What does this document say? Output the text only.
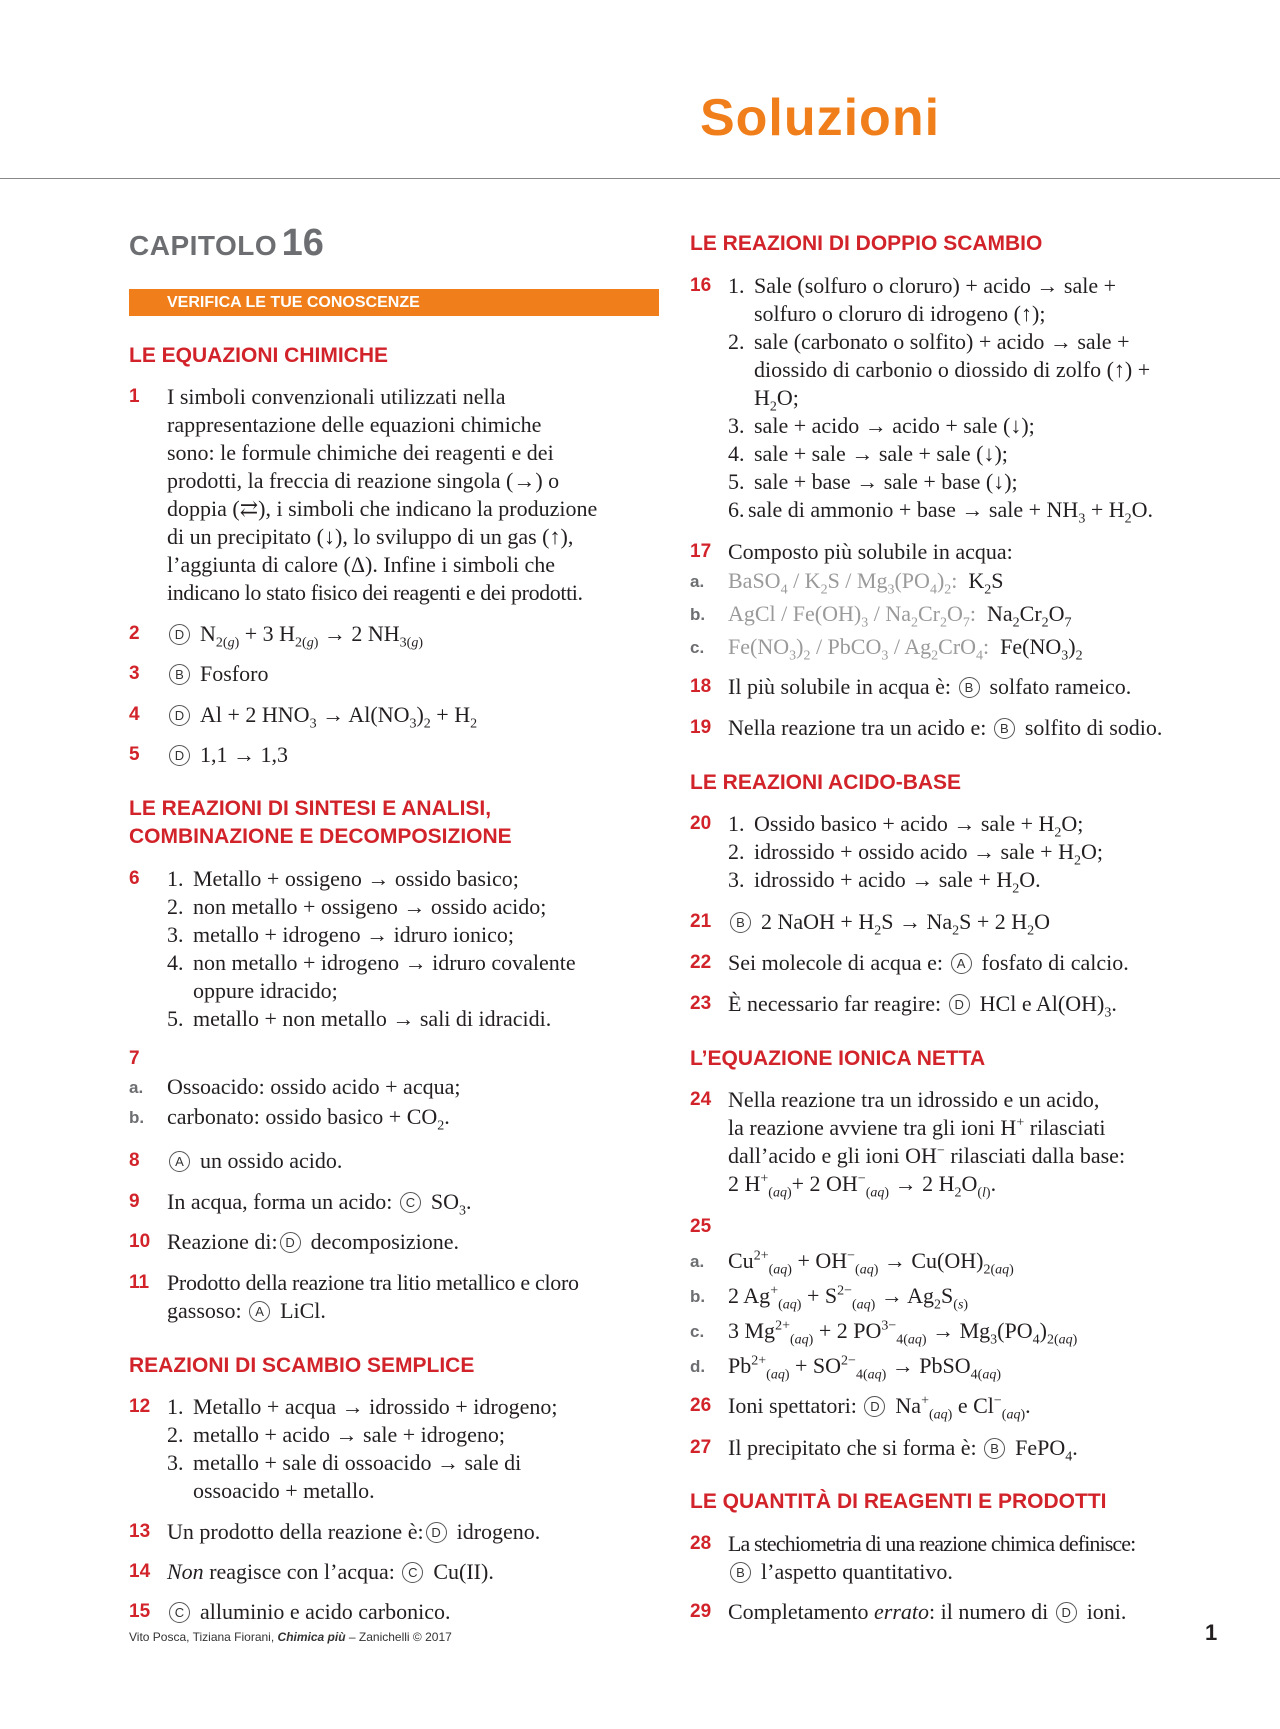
Soluzioni
CAPITOLO 16
VERIFICA LE TUE CONOSCENZE
LE EQUAZIONI CHIMICHE
1 I simboli convenzionali utilizzati nella
rappresentazione delle equazioni chimiche
sono: le formule chimiche dei reagenti e dei
prodotti, la freccia di reazione singola (→) o
doppia (⇄), i simboli che indicano la produzione
di un precipitato (↓), lo sviluppo di un gas (↑),
l’aggiunta di calore (Δ). Infine i simboli che
indicano lo stato fisico dei reagenti e dei prodotti.
2	D $N_{2(g)} + 3$ $H_{2(g)} \to 2$ $NH_{3(g)}$
3	B Fosforo
4	D Al + 2 $HNO_3 \to Al(NO_3)_2 + H_2$
5	D 1,1 → 1,3
LE REAZIONI DI SINTESI E ANALISI,
COMBINAZIONE E DECOMPOSIZIONE
6 1. Metallo + ossigeno → ossido basico;
2. non metallo + ossigeno → ossido acido;
3. metallo + idrogeno → idruro ionico;
4. non metallo + idrogeno → idruro covalente
oppure idracido;
5. metallo + non metallo → sali di idracidi.
7
a. Ossoacido: ossido acido + acqua;
b. carbonato: ossido basico + $CO_2$.
8	A un ossido acido.
9 In acqua, forma un acido: C $SO_3$.
10 Reazione di: D decomposizione.
11 Prodotto della reazione tra litio metallico e cloro
gassoso: A LiCl.
REAZIONI DI SCAMBIO SEMPLICE
12 1. Metallo + acqua → idrossido + idrogeno;
2. metallo + acido → sale + idrogeno;
3. metallo + sale di ossoacido → sale di
ossoacido + metallo.
13 Un prodotto della reazione è: D idrogeno.
14 Non reagisce con l’acqua: C Cu(II).
15	C alluminio e acido carbonico.
LE REAZIONI DI DOPPIO SCAMBIO
16 1. Sale (solfuro o cloruro) + acido → sale +
solfuro o cloruro di idrogeno (↑);
2. sale (carbonato o solfito) + acido → sale +
diossido di carbonio o diossido di zolfo (↑) +
$H_2O$;
3. sale + acido → acido + sale (↓);
4. sale + sale → sale + sale (↓);
5. sale + base → sale + base (↓);
6. sale di ammonio + base → sale + $NH_3 + H_2O$.
17 Composto più solubile in acqua:
a. BaSO$_4$ / $K_2S / Mg_3(PO_4)_2$:  $K_2S$
b. AgCl / $Fe(OH)_3 / Na_2Cr_2O_7$:  $Na_2Cr_2O_7$
c. $Fe(NO_3)_2$ / PbCO$_3$ / $Ag_2CrO_4$:  $Fe(NO_3)_2$
18 Il più solubile in acqua è: B solfato rameico.
19 Nella reazione tra un acido e: B solfito di sodio.
LE REAZIONI ACIDO-BASE
20 1. Ossido basico + acido → sale + $H_2O$;
2. idrossido + ossido acido → sale + $H_2O$;
3. idrossido + acido → sale + $H_2O$.
21	B 2 NaOH + $H_2S \to Na_2S + 2$ $H_2O$
22 Sei molecole di acqua e: A fosfato di calcio.
23 È necessario far reagire: D HCl e $Al(OH)_3$.
L’EQUAZIONE IONICA NETTA
24 Nella reazione tra un idrossido e un acido,
la reazione avviene tra gli ioni H+ rilasciati
dall’acido e gli ioni OH− rilasciati dalla base:
2 $H^+_{(aq)}+ 2$ $OH^-_{(aq)} \to 2$ $H_2O_{(l)}$.
25
a. $Cu^{2+}_{(aq)} + OH^-_{(aq)} \to Cu(OH)_{2(aq)}$
b. 2 $Ag^+_{(aq)} + S^{2-}_{(aq)} \to Ag_2S_{(s)}$
c. 3 $Mg^{2+}_{(aq)} + 2$ $PO^{3-}_{4(aq)} \to Mg_3(PO_4)_{2(aq)}$
d. $Pb^{2+}_{(aq)} + SO^{2-}_{4(aq)}$ → PbSO$_{4(aq)}$
26 Ioni spettatori: D $Na^+_{(aq)}$ e $Cl^-_{(aq)}$.
27 Il precipitato che si forma è: B FePO$_4$.
LE QUANTITÀ DI REAGENTI E PRODOTTI
28 La stechiometria di una reazione chimica definisce:
B l’aspetto quantitativo.
29 Completamento errato: il numero di D ioni.
Vito Posca, Tiziana Fiorani, Chimica più – Zanichelli © 2017	1
